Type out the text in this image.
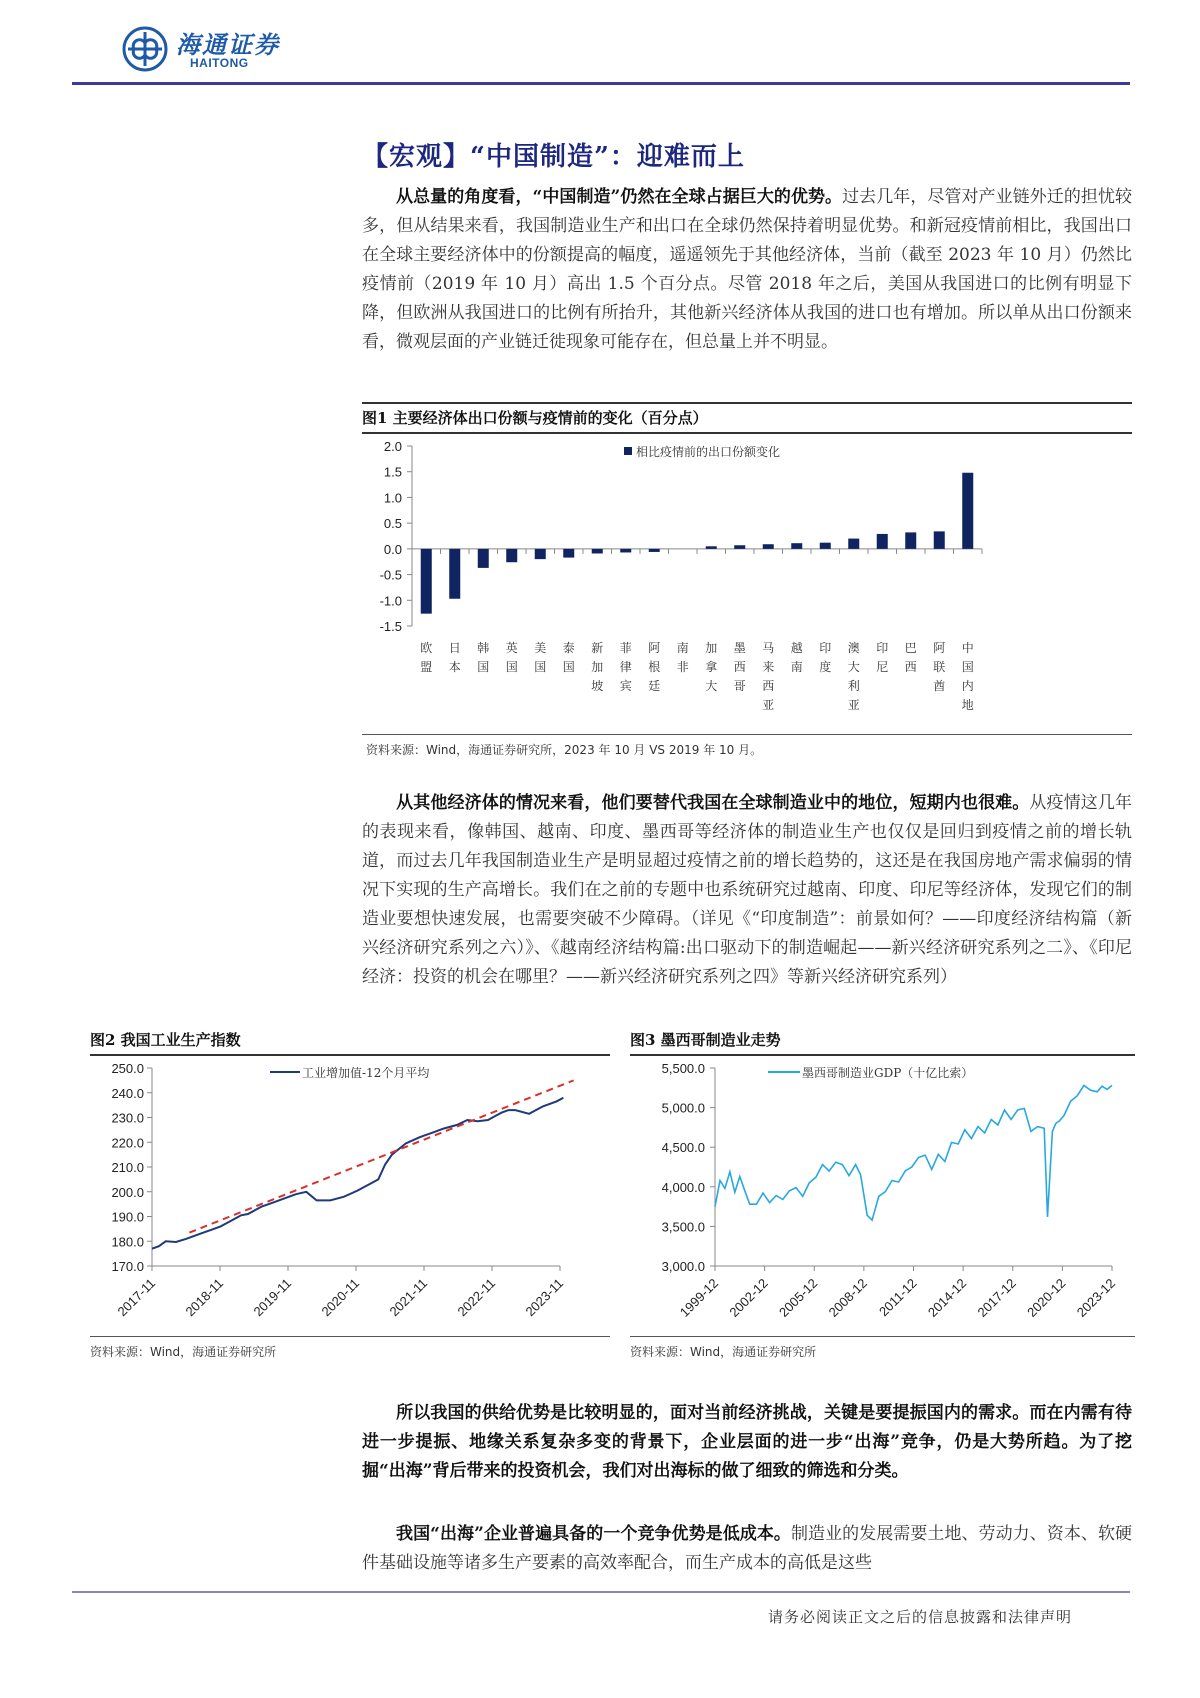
海通证券
HAITONG
【宏观】“中国制造”：迎难而上
从总量的角度看，“中国制造”仍然在全球占据巨大的优势。过去几年，尽管对产业链外迁的担忧较多，但从结果来看，我国制造业生产和出口在全球仍然保持着明显优势。和新冠疫情前相比，我国出口在全球主要经济体中的份额提高的幅度，遥遥领先于其他经济体，当前（截至 2023 年 10 月）仍然比疫情前（2019 年 10 月）高出 1.5 个百分点。尽管 2018 年之后，美国从我国进口的比例有明显下降，但欧洲从我国进口的比例有所抬升，其他新兴经济体从我国的进口也有增加。所以单从出口份额来看，微观层面的产业链迁徙现象可能存在，但总量上并不明显。
图1 主要经济体出口份额与疫情前的变化（百分点）
2.0
1.5
1.0
0.5
0.0
-0.5
-1.0
-1.5
欧
盟
日
本
韩
国
英
国
美
国
泰
国
新
加
坡
菲
律
宾
阿
根
廷
南
非
加
拿
大
墨
西
哥
马
来
西
亚
越
南
印
度
澳
大
利
亚
印
尼
巴
西
阿
联
酋
中
国
内
地
相比疫情前的出口份额变化
资料来源：Wind，海通证券研究所，2023 年 10 月 VS 2019 年 10 月。
从其他经济体的情况来看，他们要替代我国在全球制造业中的地位，短期内也很难。从疫情这几年的表现来看，像韩国、越南、印度、墨西哥等经济体的制造业生产也仅仅是回归到疫情之前的增长轨道，而过去几年我国制造业生产是明显超过疫情之前的增长趋势的，这还是在我国房地产需求偏弱的情况下实现的生产高增长。我们在之前的专题中也系统研究过越南、印度、印尼等经济体，发现它们的制造业要想快速发展，也需要突破不少障碍。（详见《“印度制造”：前景如何？——印度经济结构篇（新兴经济研究系列之六）》、《越南经济结构篇:出口驱动下的制造崛起——新兴经济研究系列之二》、《印尼经济：投资的机会在哪里？——新兴经济研究系列之四》等新兴经济研究系列）
图2 我国工业生产指数
250.0
240.0
230.0
220.0
210.0
200.0
190.0
180.0
170.0
2017-11 2018-11 2019-11 2020-11 2021-11 2022-11 2023-11
工业增加值-12个月平均
资料来源：Wind，海通证券研究所
图3 墨西哥制造业走势
5,500.0
5,000.0
4,500.0
4,000.0
3,500.0
3,000.0
1999-12 2002-12 2005-12 2008-12 2011-12 2014-12 2017-12 2020-12 2023-12
墨西哥制造业GDP（十亿比索）
资料来源：Wind，海通证券研究所
所以我国的供给优势是比较明显的，面对当前经济挑战，关键是要提振国内的需求。而在内需有待进一步提振、地缘关系复杂多变的背景下，企业层面的进一步“出海”竞争，仍是大势所趋。为了挖掘“出海”背后带来的投资机会，我们对出海标的做了细致的筛选和分类。
我国“出海”企业普遍具备的一个竞争优势是低成本。制造业的发展需要土地、劳动力、资本、软硬件基础设施等诸多生产要素的高效率配合，而生产成本的高低是这些
请务必阅读正文之后的信息披露和法律声明
